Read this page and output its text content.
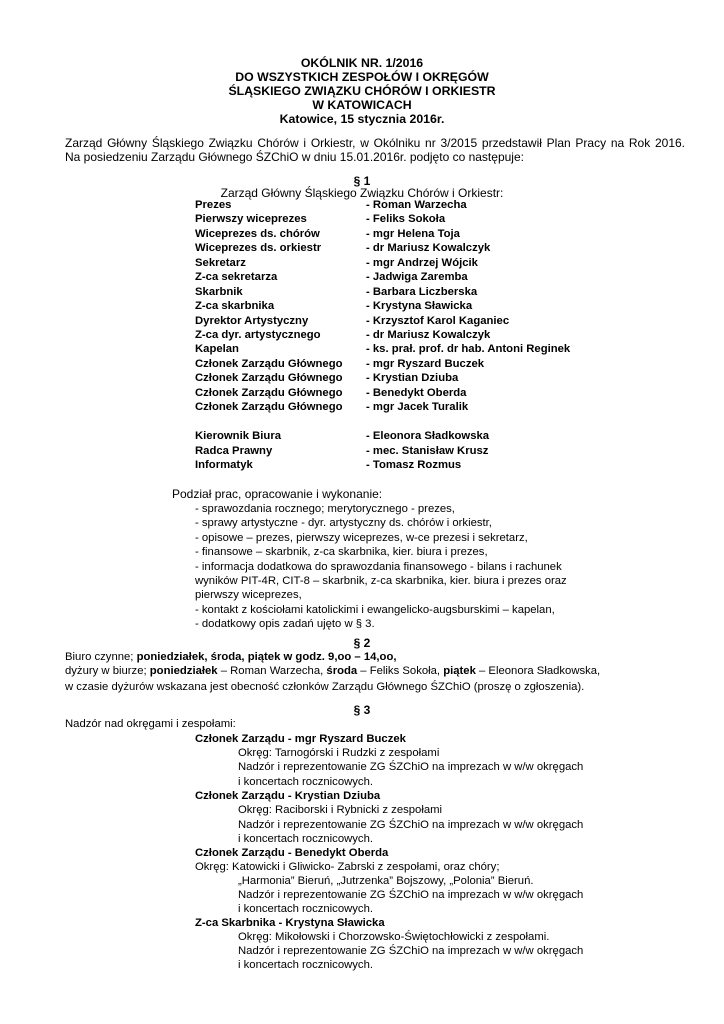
OKÓLNIK NR. 1/2016
DO WSZYSTKICH ZESPOŁÓW I OKRĘGÓW
ŚLĄSKIEGO ZWIĄZKU CHÓRÓW I ORKIESTR
W KATOWICACH
Katowice, 15 stycznia 2016r.
Zarząd Główny Śląskiego Związku Chórów i Orkiestr, w Okólniku nr 3/2015 przedstawił Plan Pracy na Rok 2016.
Na posiedzeniu Zarządu Głównego ŚZChiO w dniu 15.01.2016r. podjęto co następuje:
§ 1
Zarząd Główny Śląskiego Związku Chórów i Orkiestr:
Prezes	- Roman Warzecha
Pierwszy wiceprezes	- Feliks Sokoła
Wiceprezes ds. chórów	- mgr Helena Toja
Wiceprezes ds. orkiestr	- dr Mariusz Kowalczyk
Sekretarz	- mgr Andrzej Wójcik
Z-ca sekretarza	- Jadwiga Zaremba
Skarbnik	- Barbara Liczberska
Z-ca skarbnika	- Krystyna Sławicka
Dyrektor Artystyczny	- Krzysztof Karol Kaganiec
Z-ca dyr. artystycznego	- dr Mariusz Kowalczyk
Kapelan	- ks. prał. prof. dr hab. Antoni Reginek
Członek Zarządu Głównego - mgr Ryszard Buczek
Członek Zarządu Głównego - Krystian Dziuba
Członek Zarządu Głównego - Benedykt Oberda
Członek Zarządu Głównego - mgr Jacek Turalik
Kierownik Biura	- Eleonora Sładkowska
Radca Prawny	- mec. Stanisław Krusz
Informatyk	- Tomasz Rozmus
Podział prac, opracowanie i wykonanie:
- sprawozdania rocznego; merytorycznego - prezes,
- sprawy artystyczne - dyr. artystyczny ds. chórów i orkiestr,
- opisowe – prezes, pierwszy wiceprezes, w-ce prezesi i sekretarz,
- finansowe – skarbnik, z-ca skarbnika, kier. biura i prezes,
- informacja dodatkowa do sprawozdania finansowego - bilans i rachunek
wyników PIT-4R, CIT-8 – skarbnik, z-ca skarbnika, kier. biura i prezes oraz
pierwszy wiceprezes,
- kontakt z kościołami katolickimi i ewangelicko-augsburskimi – kapelan,
- dodatkowy opis zadań ujęto w § 3.
§ 2
Biuro czynne; poniedziałek, środa, piątek w godz. 9,oo – 14,oo,
dyżury w biurze; poniedziałek – Roman Warzecha, środa – Feliks Sokoła, piątek – Eleonora Sładkowska,
w czasie dyżurów wskazana jest obecność członków Zarządu Głównego ŚZChiO (proszę o zgłoszenia).
§ 3
Nadzór nad okręgami i zespołami:
Członek Zarządu - mgr Ryszard Buczek
Okręg: Tarnogórski i Rudzki z zespołami
Nadzór i reprezentowanie ZG ŚZChiO na imprezach w w/w okręgach
i koncertach rocznicowych.
Członek Zarządu - Krystian Dziuba
Okręg: Raciborski i Rybnicki z zespołami
Nadzór i reprezentowanie ZG ŚZChiO na imprezach w w/w okręgach
i koncertach rocznicowych.
Członek Zarządu - Benedykt Oberda
Okręg: Katowicki i Gliwicko- Zabrski z zespołami, oraz chóry;
„Harmonia” Bieruń, „Jutrzenka” Bojszowy, „Polonia” Bieruń.
Nadzór i reprezentowanie ZG ŚZChiO na imprezach w w/w okręgach
i koncertach rocznicowych.
Z-ca Skarbnika - Krystyna Sławicka
Okręg: Mikołowski i Chorzowsko-Świętochłowicki z zespołami.
Nadzór i reprezentowanie ZG ŚZChiO na imprezach w w/w okręgach
i koncertach rocznicowych.
